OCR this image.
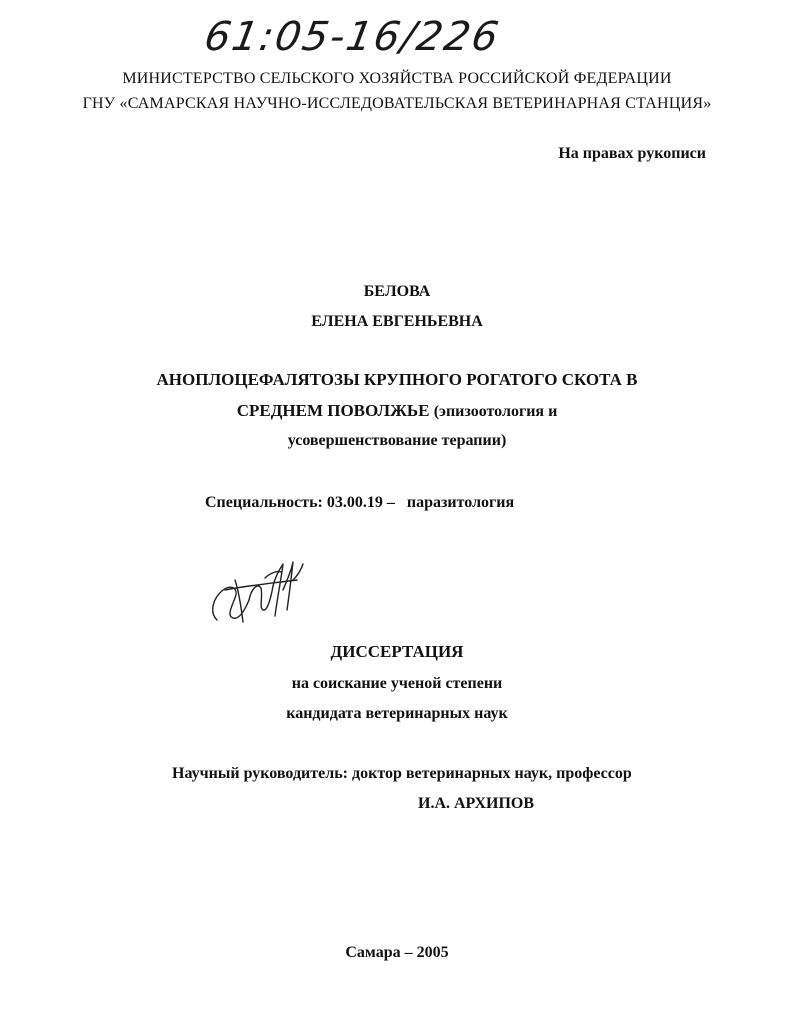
61:05-16/226
МИНИСТЕРСТВО СЕЛЬСКОГО ХОЗЯЙСТВА РОССИЙСКОЙ ФЕДЕРАЦИИ
ГНУ «САМАРСКАЯ НАУЧНО-ИССЛЕДОВАТЕЛЬСКАЯ ВЕТЕРИНАРНАЯ СТАНЦИЯ»
На правах рукописи
БЕЛОВА
ЕЛЕНА ЕВГЕНЬЕВНА
АНОПЛОЦЕФАЛЯТОЗЫ КРУПНОГО РОГАТОГО СКОТА В
СРЕДНЕМ ПОВОЛЖЬЕ (эпизоотология и
усовершенствование терапии)
Специальность: 03.00.19 – паразитология
ДИССЕРТАЦИЯ
на соискание ученой степени
кандидата ветеринарных наук
Научный руководитель: доктор ветеринарных наук, профессор
И.А. АРХИПОВ
Самара – 2005
